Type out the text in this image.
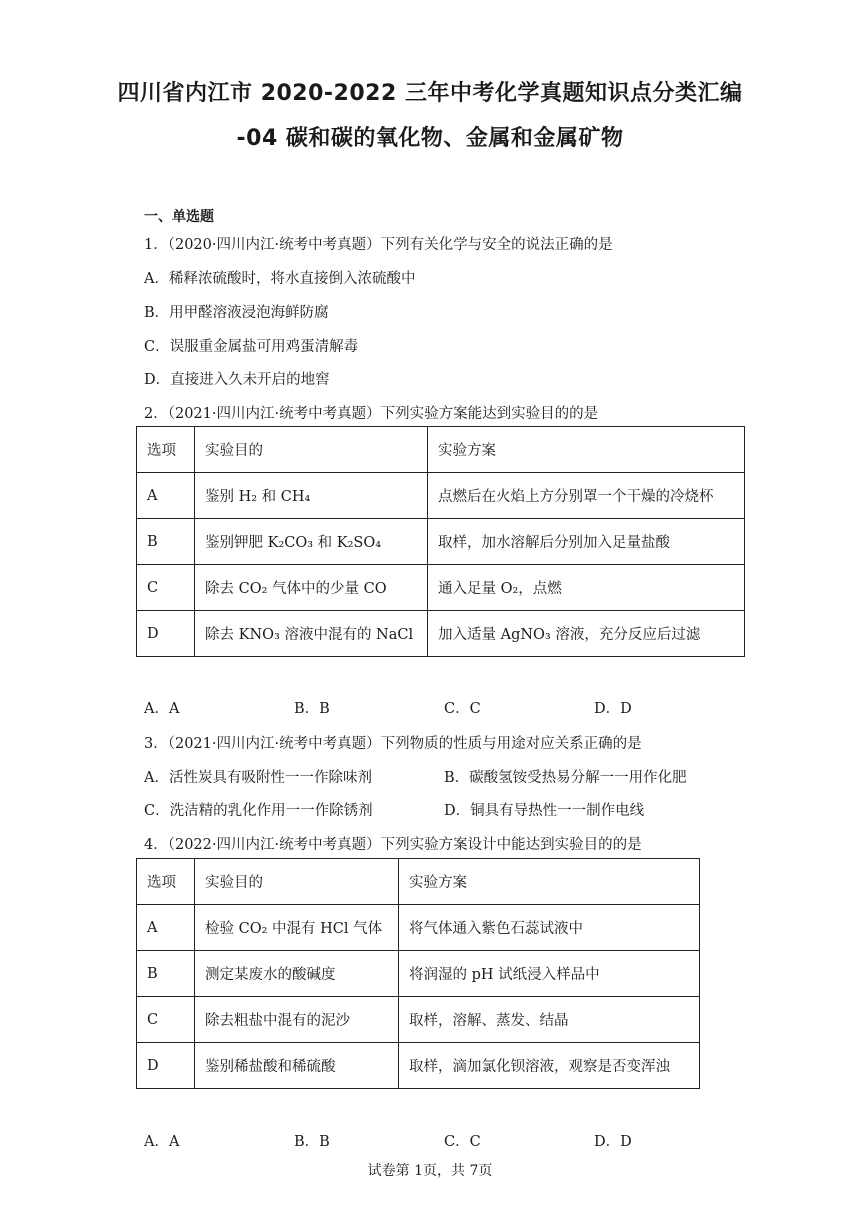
四川省内江市 2020-2022 三年中考化学真题知识点分类汇编
-04 碳和碳的氧化物、金属和金属矿物
一、单选题
1．（2020·四川内江·统考中考真题）下列有关化学与安全的说法正确的是
A．稀释浓硫酸时，将水直接倒入浓硫酸中
B．用甲醛溶液浸泡海鲜防腐
C．误服重金属盐可用鸡蛋清解毒
D．直接进入久未开启的地窖
2．（2021·四川内江·统考中考真题）下列实验方案能达到实验目的的是
选项	实验目的	实验方案
A	鉴别 H₂ 和 CH₄	点燃后在火焰上方分别罩一个干燥的冷烧杯
B	鉴别钾肥 K₂CO₃ 和 K₂SO₄	取样，加水溶解后分别加入足量盐酸
C	除去 CO₂ 气体中的少量 CO	通入足量 O₂，点燃
D	除去 KNO₃ 溶液中混有的 NaCl	加入适量 AgNO₃ 溶液，充分反应后过滤
A．A	B．B	C．C	D．D
3．（2021·四川内江·统考中考真题）下列物质的性质与用途对应关系正确的是
A．活性炭具有吸附性一一作除味剂	B．碳酸氢铵受热易分解一一用作化肥
C．洗洁精的乳化作用一一作除锈剂	D．铜具有导热性一一制作电线
4．（2022·四川内江·统考中考真题）下列实验方案设计中能达到实验目的的是
选项	实验目的	实验方案
A	检验 CO₂ 中混有 HCl 气体	将气体通入紫色石蕊试液中
B	测定某废水的酸碱度	将润湿的 pH 试纸浸入样品中
C	除去粗盐中混有的泥沙	取样，溶解、蒸发、结晶
D	鉴别稀盐酸和稀硫酸	取样，滴加氯化钡溶液，观察是否变浑浊
A．A	B．B	C．C	D．D
试卷第 1页，共 7页
